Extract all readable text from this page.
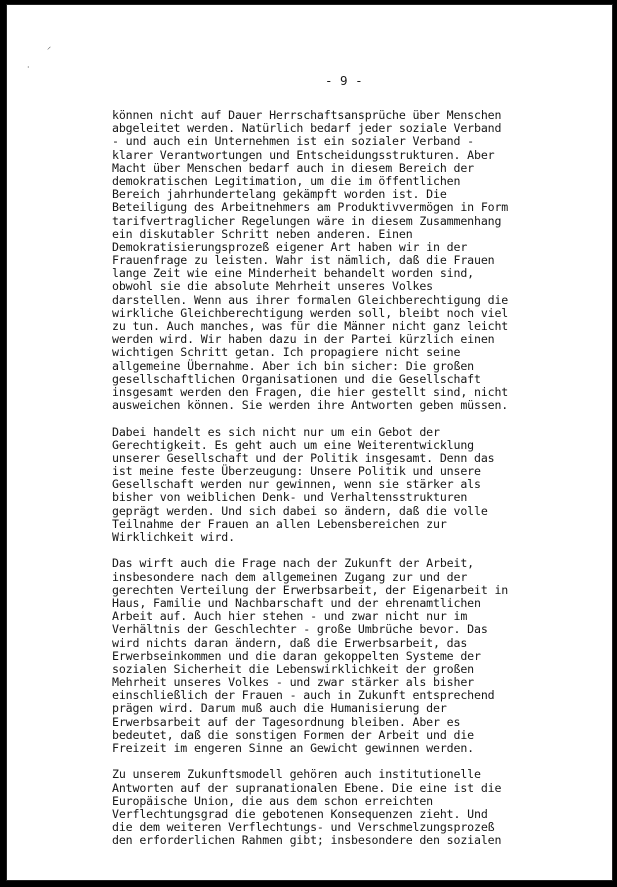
⸝
·
- 9 -
können nicht auf Dauer Herrschaftsansprüche über Menschen
abgeleitet werden. Natürlich bedarf jeder soziale Verband
- und auch ein Unternehmen ist ein sozialer Verband -
klarer Verantwortungen und Entscheidungsstrukturen. Aber
Macht über Menschen bedarf auch in diesem Bereich der
demokratischen Legitimation, um die im öffentlichen
Bereich jahrhundertelang gekämpft worden ist. Die
Beteiligung des Arbeitnehmers am Produktivvermögen in Form
tarifvertraglicher Regelungen wäre in diesem Zusammenhang
ein diskutabler Schritt neben anderen. Einen
Demokratisierungsprozeß eigener Art haben wir in der
Frauenfrage zu leisten. Wahr ist nämlich, daß die Frauen
lange Zeit wie eine Minderheit behandelt worden sind,
obwohl sie die absolute Mehrheit unseres Volkes
darstellen. Wenn aus ihrer formalen Gleichberechtigung die
wirkliche Gleichberechtigung werden soll, bleibt noch viel
zu tun. Auch manches, was für die Männer nicht ganz leicht
werden wird. Wir haben dazu in der Partei kürzlich einen
wichtigen Schritt getan. Ich propagiere nicht seine
allgemeine Übernahme. Aber ich bin sicher: Die großen
gesellschaftlichen Organisationen und die Gesellschaft
insgesamt werden den Fragen, die hier gestellt sind, nicht
ausweichen können. Sie werden ihre Antworten geben müssen.
Dabei handelt es sich nicht nur um ein Gebot der
Gerechtigkeit. Es geht auch um eine Weiterentwicklung
unserer Gesellschaft und der Politik insgesamt. Denn das
ist meine feste Überzeugung: Unsere Politik und unsere
Gesellschaft werden nur gewinnen, wenn sie stärker als
bisher von weiblichen Denk- und Verhaltensstrukturen
geprägt werden. Und sich dabei so ändern, daß die volle
Teilnahme der Frauen an allen Lebensbereichen zur
Wirklichkeit wird.
Das wirft auch die Frage nach der Zukunft der Arbeit,
insbesondere nach dem allgemeinen Zugang zur und der
gerechten Verteilung der Erwerbsarbeit, der Eigenarbeit in
Haus, Familie und Nachbarschaft und der ehrenamtlichen
Arbeit auf. Auch hier stehen - und zwar nicht nur im
Verhältnis der Geschlechter - große Umbrüche bevor. Das
wird nichts daran ändern, daß die Erwerbsarbeit, das
Erwerbseinkommen und die daran gekoppelten Systeme der
sozialen Sicherheit die Lebenswirklichkeit der großen
Mehrheit unseres Volkes - und zwar stärker als bisher
einschließlich der Frauen - auch in Zukunft entsprechend
prägen wird. Darum muß auch die Humanisierung der
Erwerbsarbeit auf der Tagesordnung bleiben. Aber es
bedeutet, daß die sonstigen Formen der Arbeit und die
Freizeit im engeren Sinne an Gewicht gewinnen werden.
Zu unserem Zukunftsmodell gehören auch institutionelle
Antworten auf der supranationalen Ebene. Die eine ist die
Europäische Union, die aus dem schon erreichten
Verflechtungsgrad die gebotenen Konsequenzen zieht. Und
die dem weiteren Verflechtungs- und Verschmelzungsprozeß
den erforderlichen Rahmen gibt; insbesondere den sozialen
